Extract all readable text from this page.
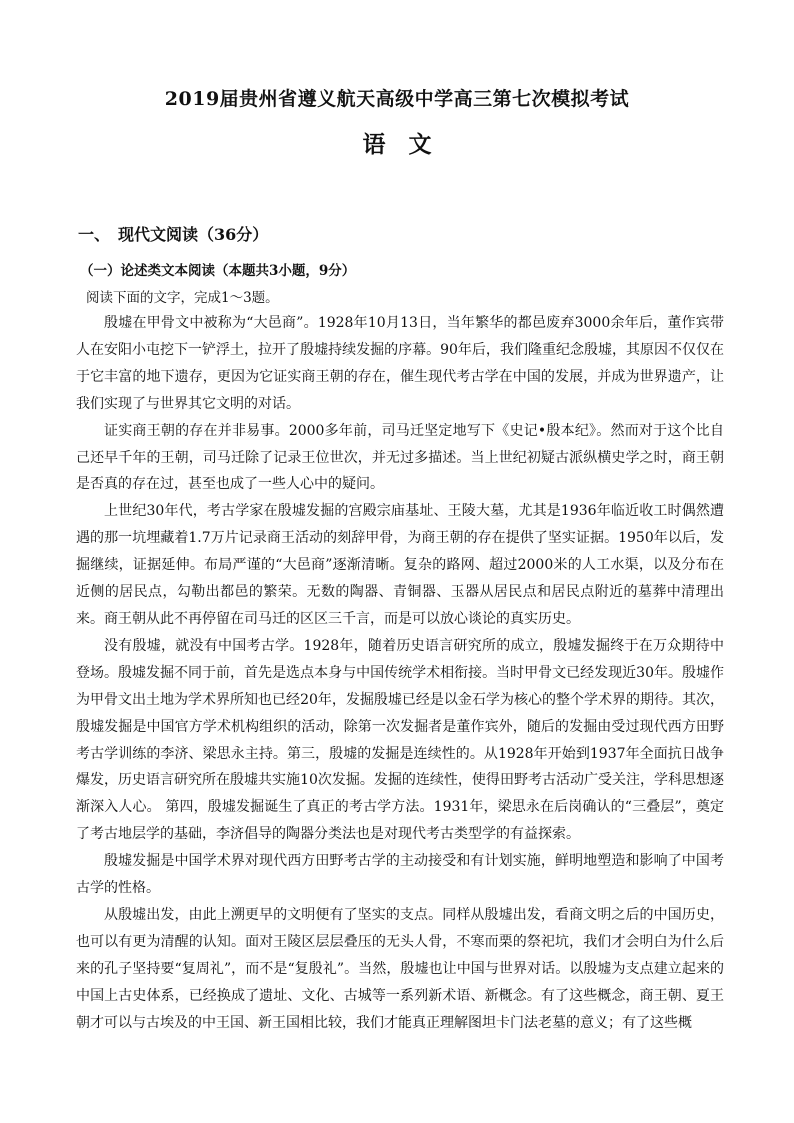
2019届贵州省遵义航天高级中学高三第七次模拟考试
语　文
一、　现代文阅读（36分）
（一）论述类文本阅读（本题共3小题，9分）
阅读下面的文字，完成1～3题。

殷墟在甲骨文中被称为“大邑商”。1928年10月13日，当年繁华的都邑废弃3000余年后，董作宾带人在安阳小屯挖下一铲浮土，拉开了殷墟持续发掘的序幕。90年后，我们隆重纪念殷墟，其原因不仅仅在于它丰富的地下遗存，更因为它证实商王朝的存在，催生现代考古学在中国的发展，并成为世界遗产，让我们实现了与世界其它文明的对话。

证实商王朝的存在并非易事。2000多年前，司马迁坚定地写下《史记•殷本纪》。然而对于这个比自己还早千年的王朝，司马迁除了记录王位世次，并无过多描述。当上世纪初疑古派纵横史学之时，商王朝是否真的存在过，甚至也成了一些人心中的疑问。

上世纪30年代，考古学家在殷墟发掘的宫殿宗庙基址、王陵大墓，尤其是1936年临近收工时偶然遭遇的那一坑埋藏着1.7万片记录商王活动的刻辞甲骨，为商王朝的存在提供了坚实证据。1950年以后，发掘继续，证据延伸。布局严谨的“大邑商”逐渐清晰。复杂的路网、超过2000米的人工水渠，以及分布在近侧的居民点，勾勒出都邑的繁荣。无数的陶器、青铜器、玉器从居民点和居民点附近的墓葬中清理出来。商王朝从此不再停留在司马迁的区区三千言，而是可以放心谈论的真实历史。

没有殷墟，就没有中国考古学。1928年，随着历史语言研究所的成立，殷墟发掘终于在万众期待中登场。殷墟发掘不同于前，首先是选点本身与中国传统学术相衔接。当时甲骨文已经发现近30年。殷墟作为甲骨文出土地为学术界所知也已经20年，发掘殷墟已经是以金石学为核心的整个学术界的期待。其次，殷墟发掘是中国官方学术机构组织的活动，除第一次发掘者是董作宾外，随后的发掘由受过现代西方田野考古学训练的李济、梁思永主持。第三，殷墟的发掘是连续性的。从1928年开始到1937年全面抗日战争爆发，历史语言研究所在殷墟共实施10次发掘。发掘的连续性，使得田野考古活动广受关注，学科思想逐渐深入人心。 第四，殷墟发掘诞生了真正的考古学方法。1931年，梁思永在后岗确认的“三叠层”，奠定了考古地层学的基础，李济倡导的陶器分类法也是对现代考古类型学的有益探索。

殷墟发掘是中国学术界对现代西方田野考古学的主动接受和有计划实施，鲜明地塑造和影响了中国考古学的性格。

从殷墟出发，由此上溯更早的文明便有了坚实的支点。同样从殷墟出发，看商文明之后的中国历史，也可以有更为清醒的认知。面对王陵区层层叠压的无头人骨，不寒而栗的祭祀坑，我们才会明白为什么后来的孔子坚持要“复周礼”，而不是“复殷礼”。当然，殷墟也让中国与世界对话。以殷墟为支点建立起来的中国上古史体系，已经换成了遗址、文化、古城等一系列新术语、新概念。有了这些概念，商王朝、夏王朝才可以与古埃及的中王国、新王国相比较，我们才能真正理解图坦卡门法老墓的意义；有了这些概
